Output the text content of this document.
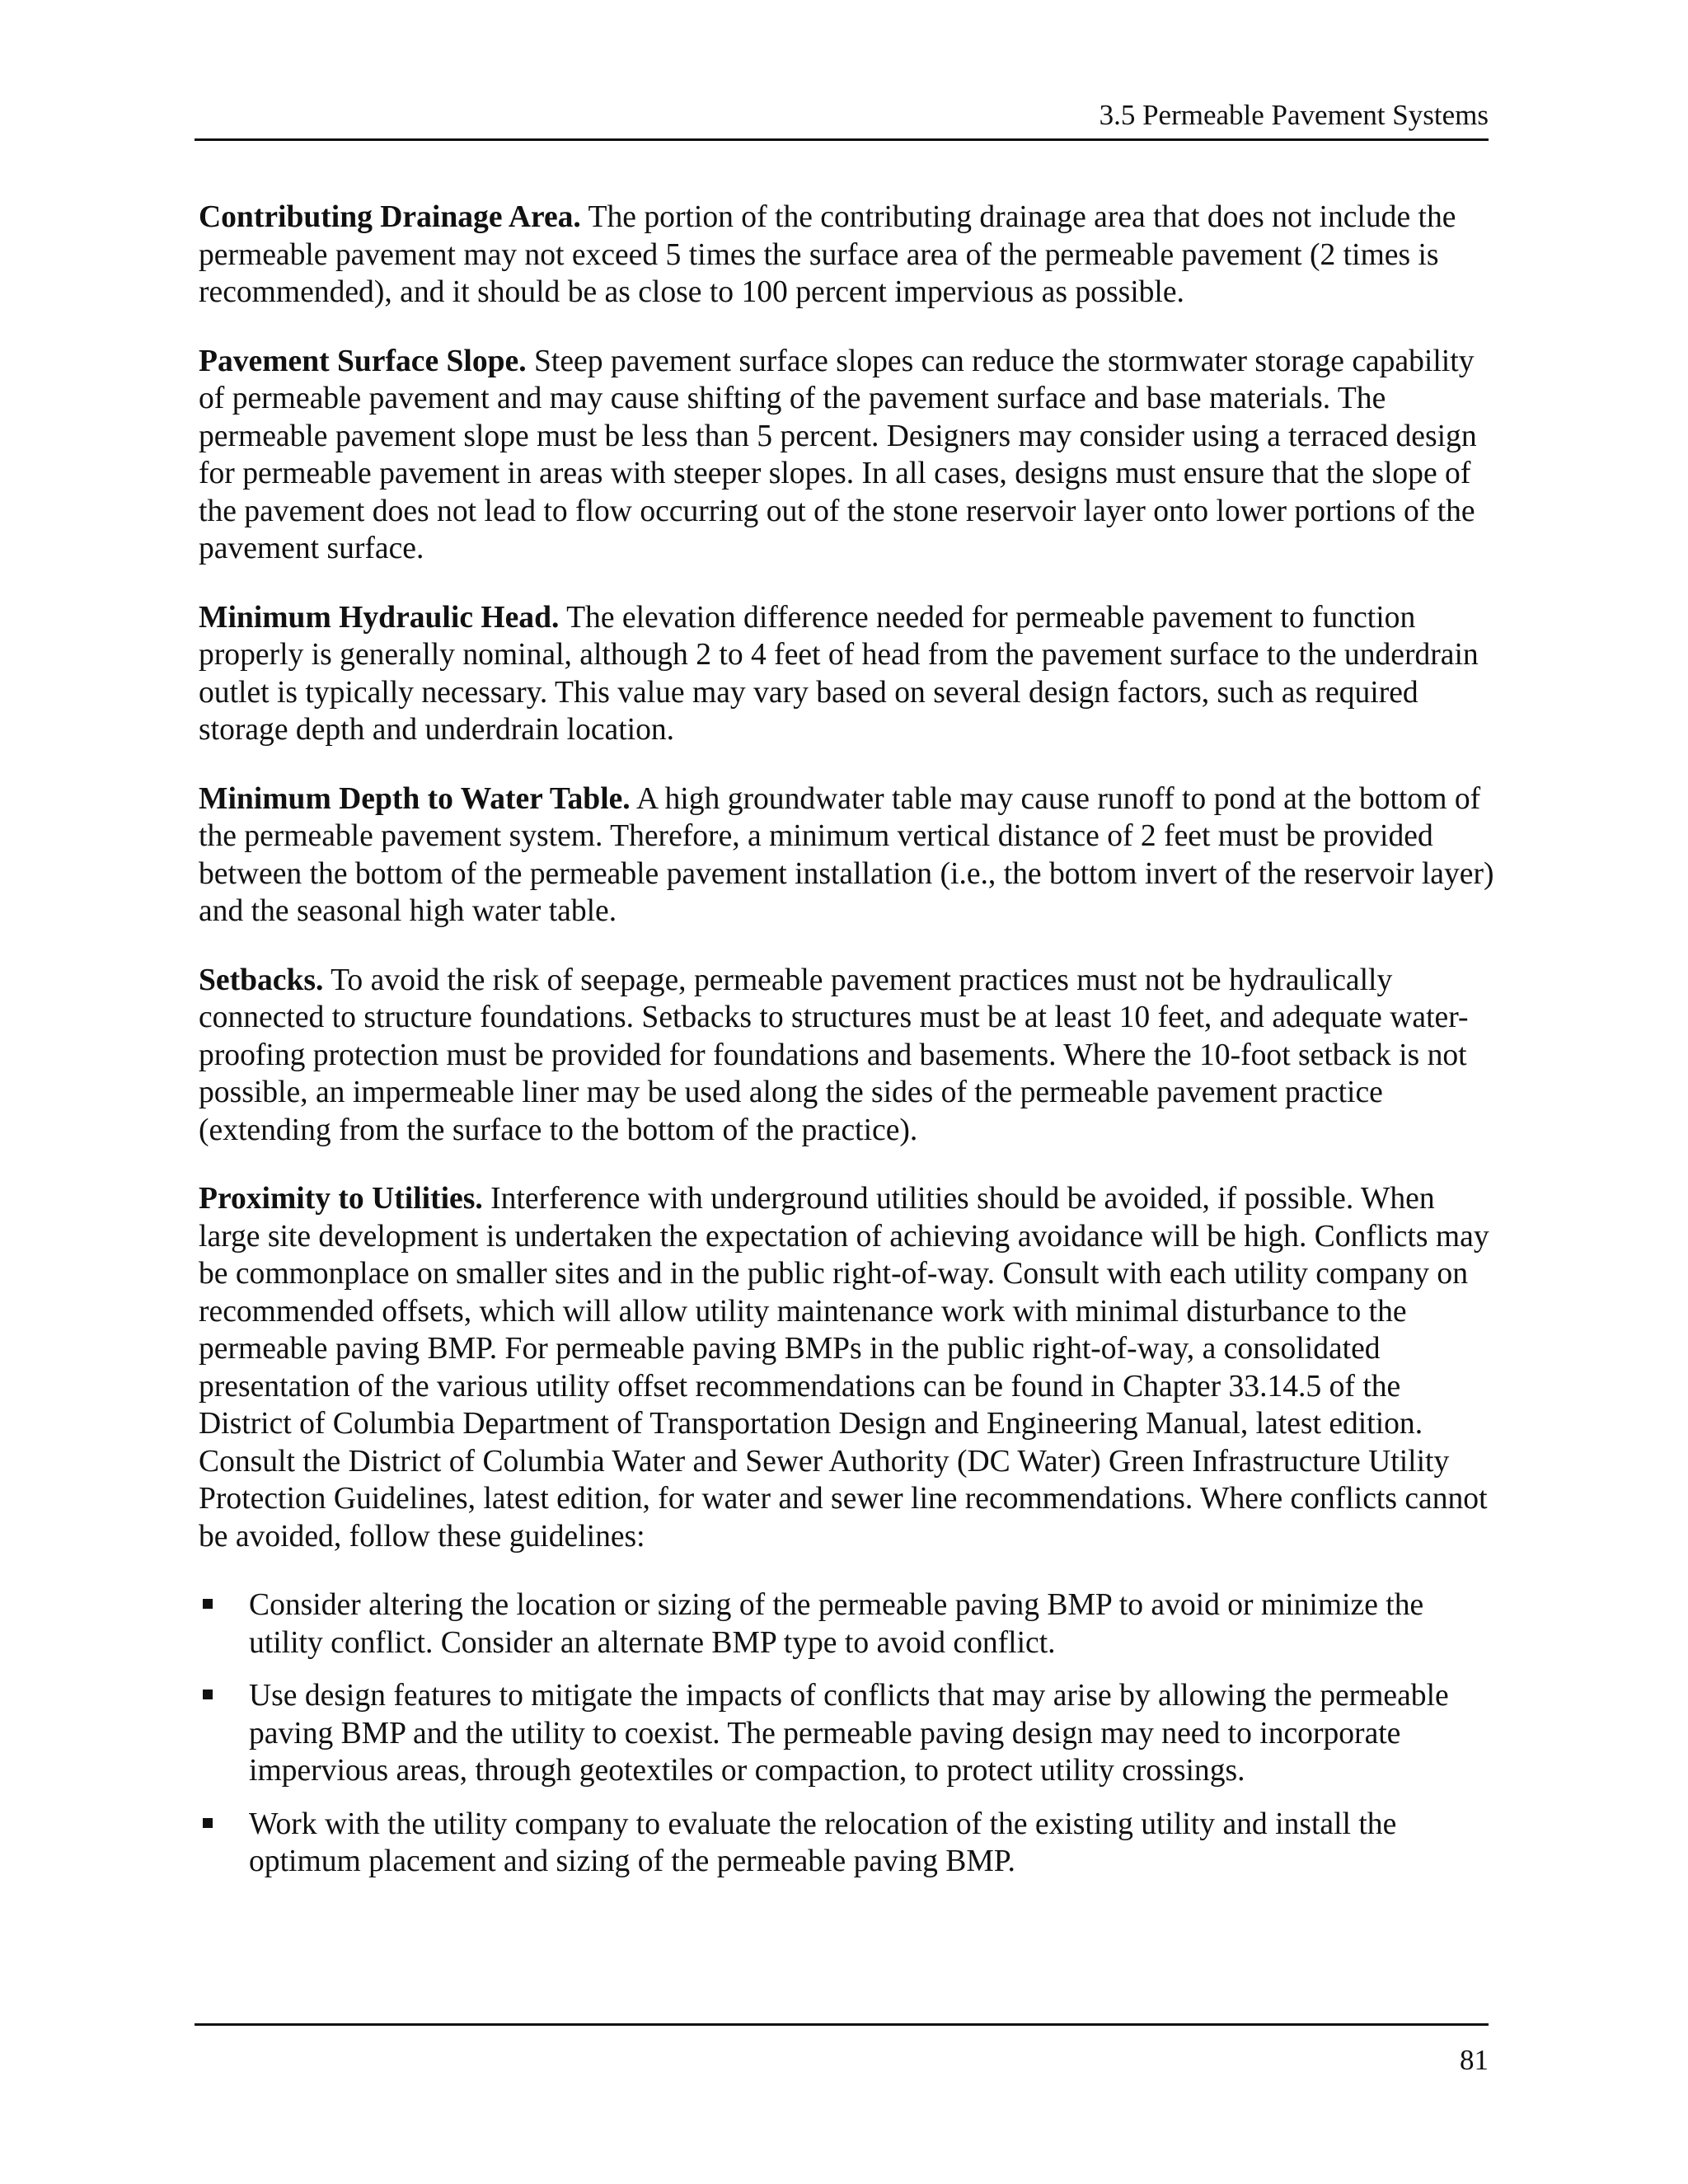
3.5 Permeable Pavement Systems

Contributing Drainage Area. The portion of the contributing drainage area that does not include the permeable pavement may not exceed 5 times the surface area of the permeable pavement (2 times is recommended), and it should be as close to 100 percent impervious as possible.

Pavement Surface Slope. Steep pavement surface slopes can reduce the stormwater storage capability of permeable pavement and may cause shifting of the pavement surface and base materials. The permeable pavement slope must be less than 5 percent. Designers may consider using a terraced design for permeable pavement in areas with steeper slopes. In all cases, designs must ensure that the slope of the pavement does not lead to flow occurring out of the stone reservoir layer onto lower portions of the pavement surface.

Minimum Hydraulic Head. The elevation difference needed for permeable pavement to function properly is generally nominal, although 2 to 4 feet of head from the pavement surface to the underdrain outlet is typically necessary. This value may vary based on several design factors, such as required storage depth and underdrain location.

Minimum Depth to Water Table. A high groundwater table may cause runoff to pond at the bottom of the permeable pavement system. Therefore, a minimum vertical distance of 2 feet must be provided between the bottom of the permeable pavement installation (i.e., the bottom invert of the reservoir layer) and the seasonal high water table.

Setbacks. To avoid the risk of seepage, permeable pavement practices must not be hydraulically connected to structure foundations. Setbacks to structures must be at least 10 feet, and adequate water-proofing protection must be provided for foundations and basements. Where the 10-foot setback is not possible, an impermeable liner may be used along the sides of the permeable pavement practice (extending from the surface to the bottom of the practice).

Proximity to Utilities. Interference with underground utilities should be avoided, if possible. When large site development is undertaken the expectation of achieving avoidance will be high. Conflicts may be commonplace on smaller sites and in the public right-of-way. Consult with each utility company on recommended offsets, which will allow utility maintenance work with minimal disturbance to the permeable paving BMP. For permeable paving BMPs in the public right-of-way, a consolidated presentation of the various utility offset recommendations can be found in Chapter 33.14.5 of the District of Columbia Department of Transportation Design and Engineering Manual, latest edition. Consult the District of Columbia Water and Sewer Authority (DC Water) Green Infrastructure Utility Protection Guidelines, latest edition, for water and sewer line recommendations. Where conflicts cannot be avoided, follow these guidelines:

Consider altering the location or sizing of the permeable paving BMP to avoid or minimize the utility conflict. Consider an alternate BMP type to avoid conflict.
Use design features to mitigate the impacts of conflicts that may arise by allowing the permeable paving BMP and the utility to coexist. The permeable paving design may need to incorporate impervious areas, through geotextiles or compaction, to protect utility crossings.
Work with the utility company to evaluate the relocation of the existing utility and install the optimum placement and sizing of the permeable paving BMP.
81
